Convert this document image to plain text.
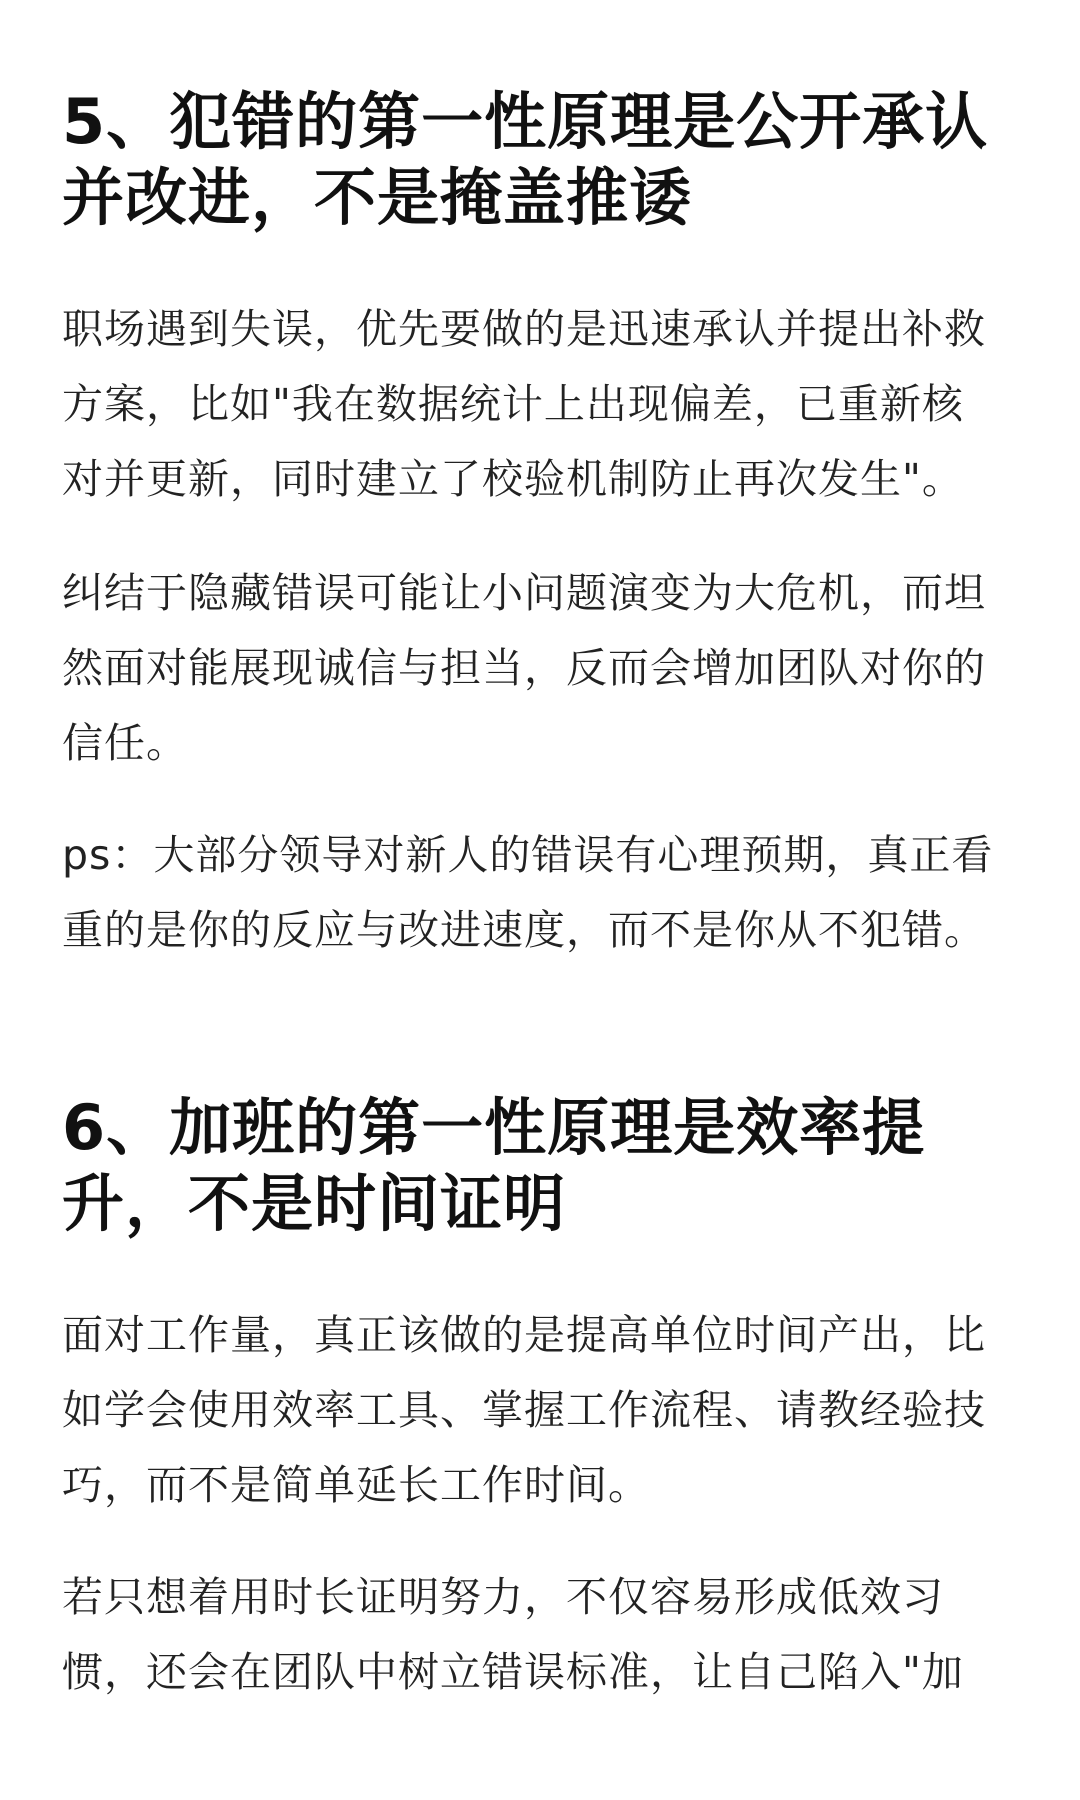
5、犯错的第一性原理是公开承认
并改进，不是掩盖推诿

职场遇到失误，优先要做的是迅速承认并提出补救
方案，比如"我在数据统计上出现偏差，已重新核
对并更新，同时建立了校验机制防止再次发生"。

纠结于隐藏错误可能让小问题演变为大危机，而坦
然面对能展现诚信与担当，反而会增加团队对你的
信任。

ps：大部分领导对新人的错误有心理预期，真正看
重的是你的反应与改进速度，而不是你从不犯错。

6、加班的第一性原理是效率提
升，不是时间证明

面对工作量，真正该做的是提高单位时间产出，比
如学会使用效率工具、掌握工作流程、请教经验技
巧，而不是简单延长工作时间。

若只想着用时长证明努力，不仅容易形成低效习
惯，还会在团队中树立错误标准，让自己陷入"加
